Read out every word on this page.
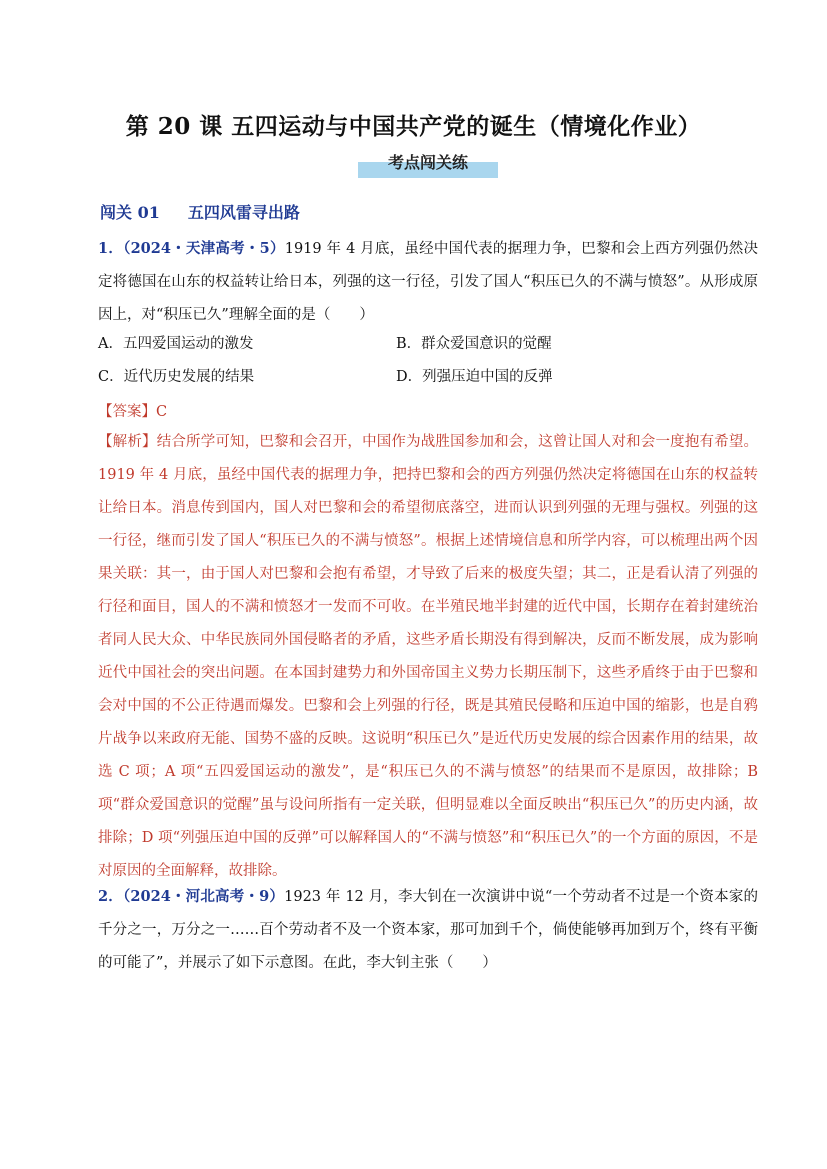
第 20 课 五四运动与中国共产党的诞生（情境化作业）
考点闯关练
闯关 01 五四风雷寻出路
1．（2024・天津高考・5）1919 年 4 月底，虽经中国代表的据理力争，巴黎和会上西方列强仍然决定将德国在山东的权益转让给日本，列强的这一行径，引发了国人“积压已久的不满与愤怒”。从形成原因上，对“积压已久”理解全面的是（　　）
A．五四爱国运动的激发	B．群众爱国意识的觉醒
C．近代历史发展的结果	D．列强压迫中国的反弹
【答案】C
【解析】结合所学可知，巴黎和会召开，中国作为战胜国参加和会，这曾让国人对和会一度抱有希望。1919 年 4 月底，虽经中国代表的据理力争，把持巴黎和会的西方列强仍然决定将德国在山东的权益转让给日本。消息传到国内，国人对巴黎和会的希望彻底落空，进而认识到列强的无理与强权。列强的这一行径，继而引发了国人“积压已久的不满与愤怒”。根据上述情境信息和所学内容，可以梳理出两个因果关联：其一，由于国人对巴黎和会抱有希望，才导致了后来的极度失望；其二，正是看认清了列强的行径和面目，国人的不满和愤怒才一发而不可收。在半殖民地半封建的近代中国，长期存在着封建统治者同人民大众、中华民族同外国侵略者的矛盾，这些矛盾长期没有得到解决，反而不断发展，成为影响近代中国社会的突出问题。在本国封建势力和外国帝国主义势力长期压制下，这些矛盾终于由于巴黎和会对中国的不公正待遇而爆发。巴黎和会上列强的行径，既是其殖民侵略和压迫中国的缩影，也是自鸦片战争以来政府无能、国势不盛的反映。这说明“积压已久”是近代历史发展的综合因素作用的结果，故选 C 项；A 项“五四爱国运动的激发”，是“积压已久的不满与愤怒”的结果而不是原因，故排除；B 项“群众爱国意识的觉醒”虽与设问所指有一定关联，但明显难以全面反映出“积压已久”的历史内涵，故排除；D 项“列强压迫中国的反弹”可以解释国人的“不满与愤怒”和“积压已久”的一个方面的原因，不是对原因的全面解释，故排除。
2．（2024・河北高考・9）1923 年 12 月，李大钊在一次演讲中说“一个劳动者不过是一个资本家的千分之一，万分之一……百个劳动者不及一个资本家，那可加到千个，倘使能够再加到万个，终有平衡的可能了”，并展示了如下示意图。在此，李大钊主张（　　）
